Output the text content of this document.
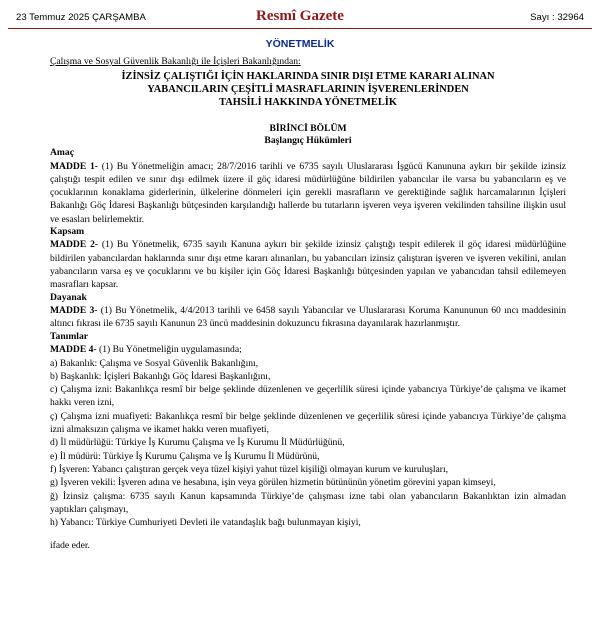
23 Temmuz 2025 ÇARŞAMBA	Resmî Gazete	Sayı : 32964
YÖNETMELİK
Çalışma ve Sosyal Güvenlik Bakanlığı ile İçişleri Bakanlığından:
İZİNSİZ ÇALIŞTIĞI İÇİN HAKLARINDA SINIR DIŞI ETME KARARI ALINAN
YABANCILARIN ÇEŞİTLİ MASRAFLARININ İŞVERENLERİNDEN
TAHSİLİ HAKKINDA YÖNETMELİK
BİRİNCİ BÖLÜM
Başlangıç Hükümleri
Amaç

MADDE 1- (1) Bu Yönetmeliğin amacı; 28/7/2016 tarihli ve 6735 sayılı Uluslararası İşgücü Kanununa aykırı bir şekilde izinsiz çalıştığı tespit edilen ve sınır dışı edilmek üzere il göç idaresi müdürlüğüne bildirilen yabancılar ile varsa bu yabancıların eş ve çocuklarının konaklama giderlerinin, ülkelerine dönmeleri için gerekli masrafların ve gerektiğinde sağlık harcamalarının İçişleri Bakanlığı Göç İdaresi Başkanlığı bütçesinden karşılandığı hallerde bu tutarların işveren veya işveren vekilinden tahsiline ilişkin usul ve esasları belirlemektir.

Kapsam

MADDE 2- (1) Bu Yönetmelik, 6735 sayılı Kanuna aykırı bir şekilde izinsiz çalıştığı tespit edilerek il göç idaresi müdürlüğüne bildirilen yabancılardan haklarında sınır dışı etme kararı alınanları, bu yabancıları izinsiz çalıştıran işveren ve işveren vekilini, anılan yabancıların varsa eş ve çocuklarını ve bu kişiler için Göç İdaresi Başkanlığı bütçesinden yapılan ve yabancıdan tahsil edilemeyen masrafları kapsar.

Dayanak

MADDE 3- (1) Bu Yönetmelik, 4/4/2013 tarihli ve 6458 sayılı Yabancılar ve Uluslararası Koruma Kanununun 60 ıncı maddesinin altıncı fıkrası ile 6735 sayılı Kanunun 23 üncü maddesinin dokuzuncu fıkrasına dayanılarak hazırlanmıştır.

Tanımlar

MADDE 4- (1) Bu Yönetmeliğin uygulamasında;

a) Bakanlık: Çalışma ve Sosyal Güvenlik Bakanlığını,

b) Başkanlık: İçişleri Bakanlığı Göç İdaresi Başkanlığını,

c) Çalışma izni: Bakanlıkça resmî bir belge şeklinde düzenlenen ve geçerlilik süresi içinde yabancıya Türkiye’de çalışma ve ikamet hakkı veren izni,

ç) Çalışma izni muafiyeti: Bakanlıkça resmî bir belge şeklinde düzenlenen ve geçerlilik süresi içinde yabancıya Türkiye’de çalışma izni almaksızın çalışma ve ikamet hakkı veren muafiyeti,

d) İl müdürlüğü: Türkiye İş Kurumu Çalışma ve İş Kurumu İl Müdürlüğünü,

e) İl müdürü: Türkiye İş Kurumu Çalışma ve İş Kurumu İl Müdürünü,

f) İşveren: Yabancı çalıştıran gerçek veya tüzel kişiyi yahut tüzel kişiliği olmayan kurum ve kuruluşları,

g) İşveren vekili: İşveren adına ve hesabına, işin veya görülen hizmetin bütününün yönetim görevini yapan kimseyi,

ğ) İzinsiz çalışma: 6735 sayılı Kanun kapsamında Türkiye’de çalışması izne tabi olan yabancıların Bakanlıktan izin almadan yaptıkları çalışmayı,

h) Yabancı: Türkiye Cumhuriyeti Devleti ile vatandaşlık bağı bulunmayan kişiyi,

ifade eder.
